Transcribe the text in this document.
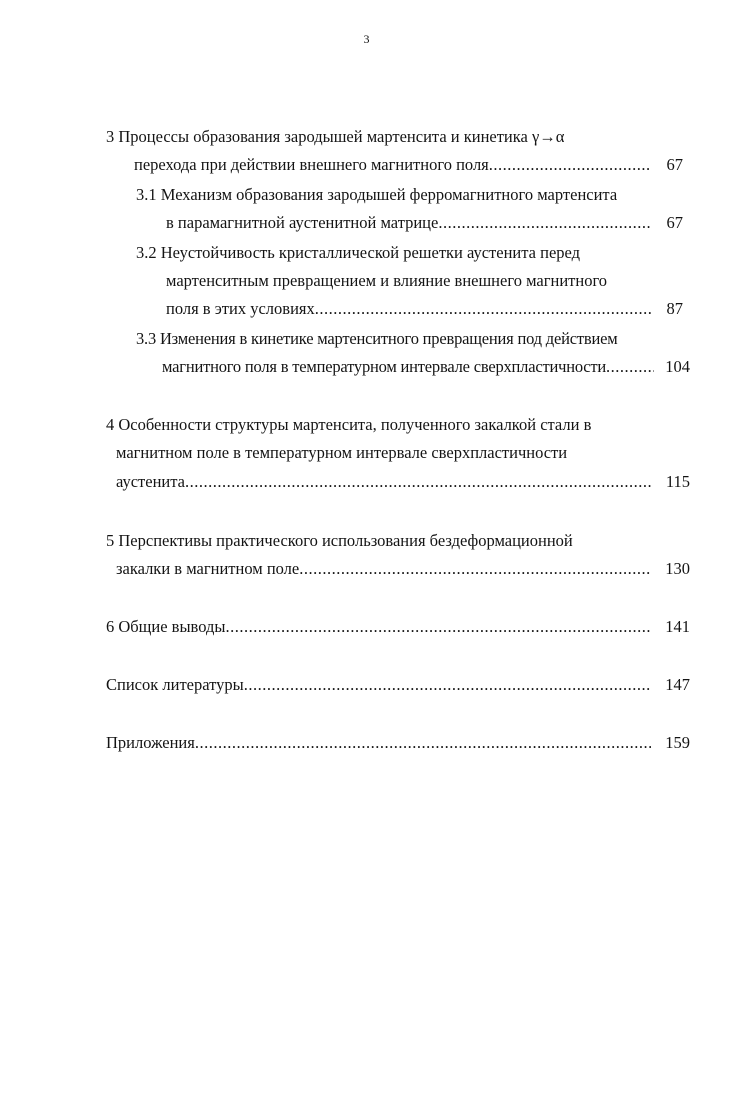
3
3 Процессы образования зародышей мартенсита и кинетика γ→α
перехода при действии внешнего магнитного поля .....	67
3.1 Механизм образования зародышей ферромагнитного мартенсита
в парамагнитной аустенитной матрице .....	67
3.2 Неустойчивость кристаллической решетки аустенита перед
мартенситным превращением и влияние внешнего магнитного
поля в этих условиях .....	87
3.3 Изменения в кинетике мартенситного превращения под действием
магнитного поля в температурном интервале сверхпластичности .....	104
4 Особенности структуры мартенсита, полученного закалкой стали в
магнитном поле в температурном интервале сверхпластичности
аустенита .....	115
5 Перспективы практического использования бездеформационной
закалки в магнитном поле .....	130
6 Общие выводы .....	141
Список литературы .....	147
Приложения .....	159
